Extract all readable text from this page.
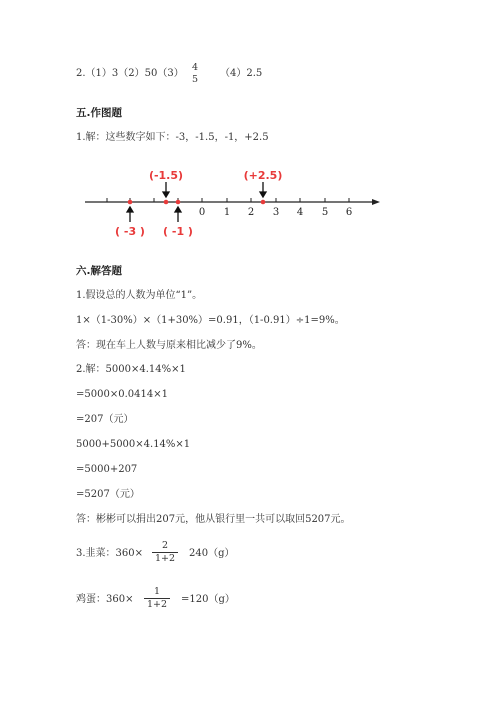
2.（1）3（2）50（3）
4
5
（4）2.5
五.作图题
1.解：这些数字如下：-3，-1.5，-1，+2.5
0 1 2 3 4 5 6
(-1.5)	(+2.5)
( -3 ) ( -1 )
六.解答题
1.假设总的人数为单位“1”。
1×（1-30%）×（1+30%）=0.91，（1-0.91）÷1=9%。
答：现在车上人数与原来相比减少了9%。
2.解：5000×4.14%×1
=5000×0.0414×1
=207（元）
5000+5000×4.14%×1
=5000+207
=5207（元）
答：彬彬可以捐出207元，他从银行里一共可以取回5207元。
3.韭菜：$360\times \frac{2}{1+2} 240(g)$
鸡蛋：$360\times \frac{1}{1+2} =120(g)$
